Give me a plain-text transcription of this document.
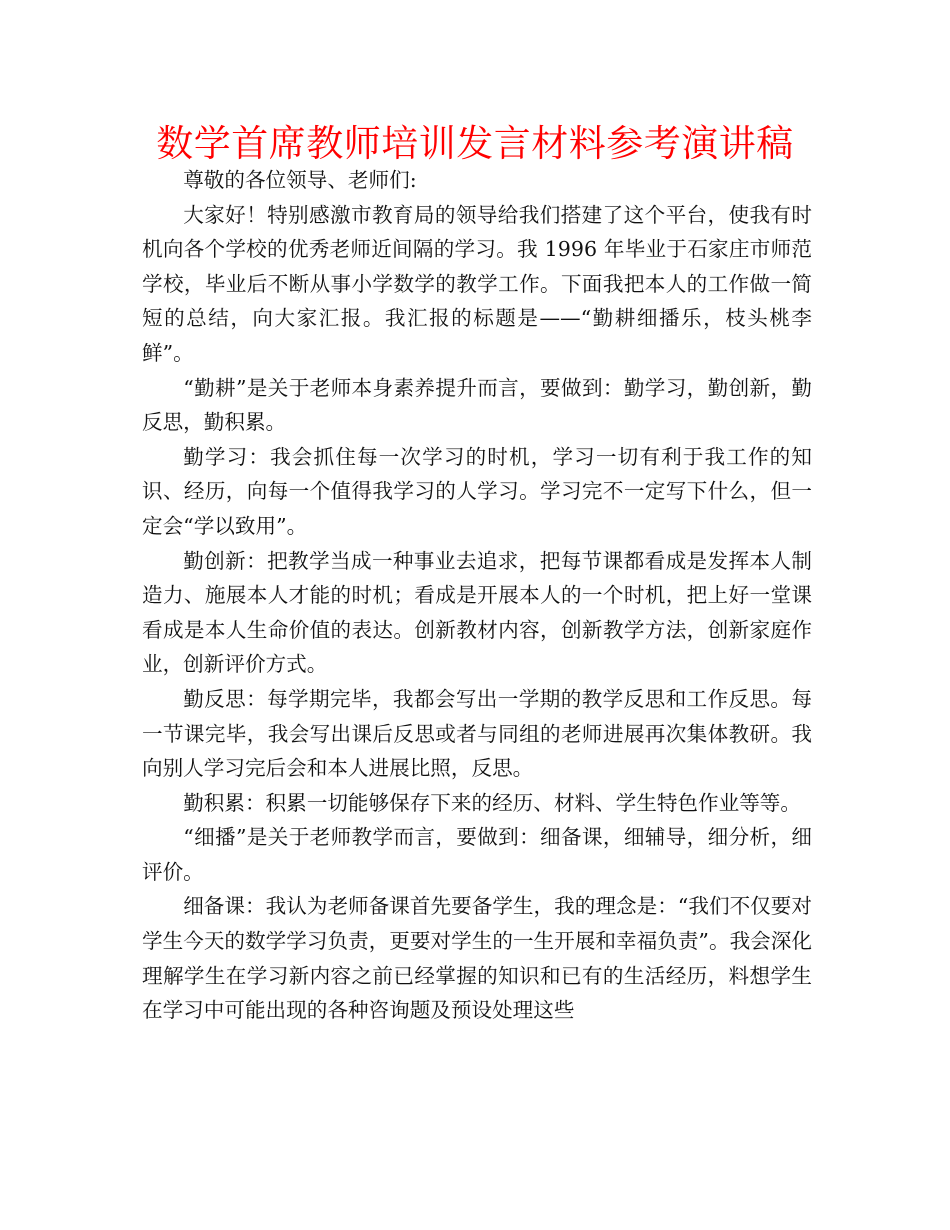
数学首席教师培训发言材料参考演讲稿

尊敬的各位领导、老师们:

大家好！特别感激市教育局的领导给我们搭建了这个平台，使我有时机向各个学校的优秀老师近间隔的学习。我 1996 年毕业于石家庄市师范学校，毕业后不断从事小学数学的教学工作。下面我把本人的工作做一简短的总结，向大家汇报。我汇报的标题是——“勤耕细播乐，枝头桃李鲜”。

“勤耕”是关于老师本身素养提升而言，要做到：勤学习，勤创新，勤反思，勤积累。

勤学习：我会抓住每一次学习的时机，学习一切有利于我工作的知识、经历，向每一个值得我学习的人学习。学习完不一定写下什么，但一定会“学以致用”。

勤创新：把教学当成一种事业去追求，把每节课都看成是发挥本人制造力、施展本人才能的时机；看成是开展本人的一个时机，把上好一堂课看成是本人生命价值的表达。创新教材内容，创新教学方法，创新家庭作业，创新评价方式。

勤反思：每学期完毕，我都会写出一学期的教学反思和工作反思。每一节课完毕，我会写出课后反思或者与同组的老师进展再次集体教研。我向别人学习完后会和本人进展比照，反思。

勤积累：积累一切能够保存下来的经历、材料、学生特色作业等等。

“细播”是关于老师教学而言，要做到：细备课，细辅导，细分析，细评价。

细备课：我认为老师备课首先要备学生，我的理念是：“我们不仅要对学生今天的数学学习负责，更要对学生的一生开展和幸福负责”。我会深化理解学生在学习新内容之前已经掌握的知识和已有的生活经历，料想学生在学习中可能出现的各种咨询题及预设处理这些
